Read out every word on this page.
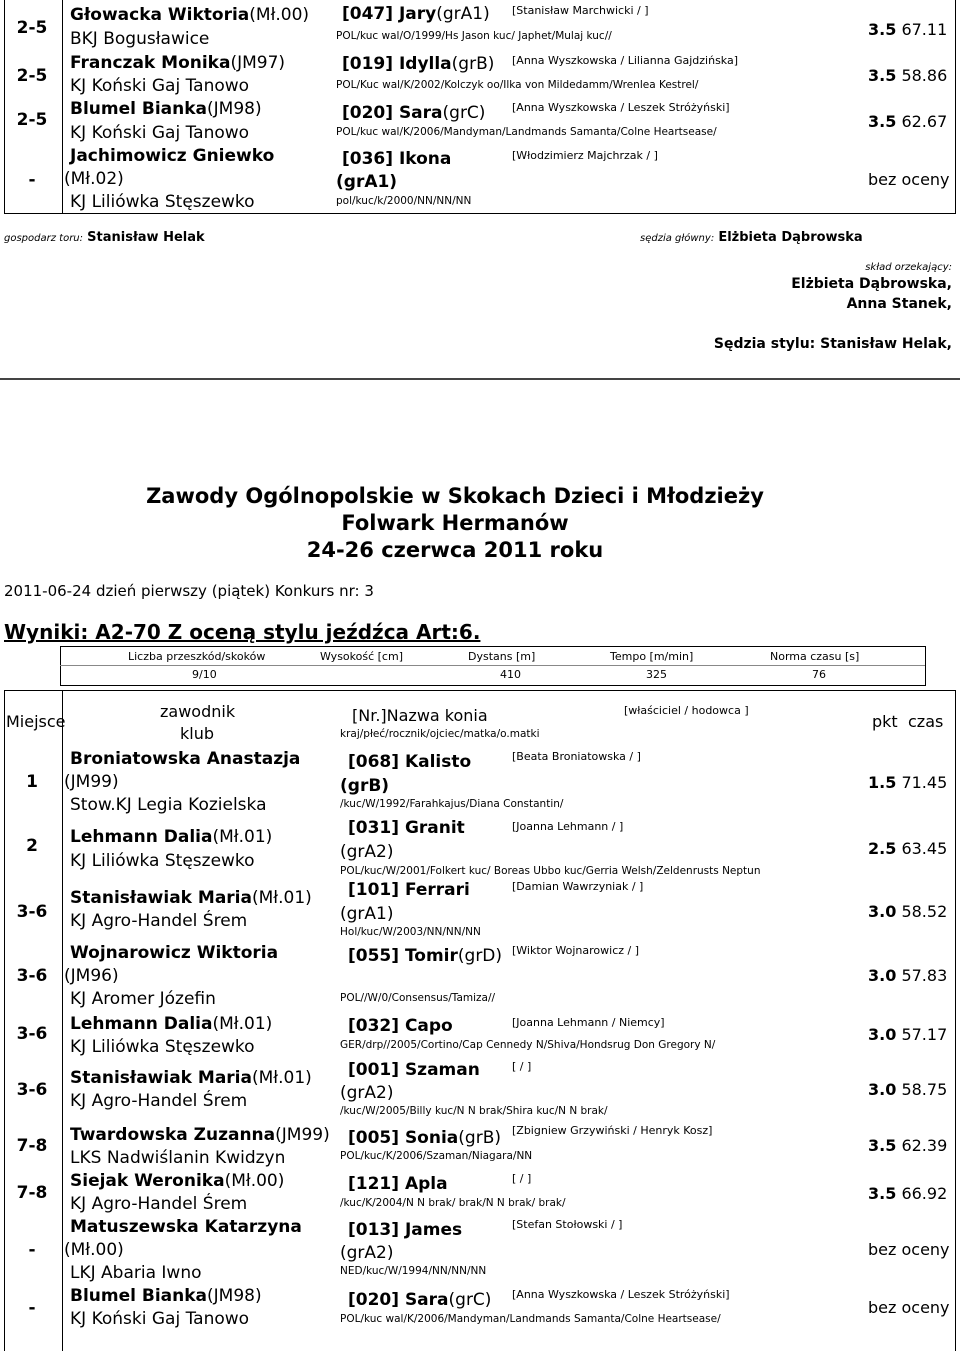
2-5
Głowacka Wiktoria(Mł.00)
BKJ Bogusławice
[047] Jary(grA1) [Stanisław Marchwicki / ]
POL/kuc wal/O/1999/Hs Jason kuc/ Japhet/Mulaj kuc//	3.5 67.11
2-5
Franczak Monika(JM97)
KJ Koński Gaj Tanowo
[019] Idylla(grB) [Anna Wyszkowska / Lilianna Gajdzińska]
POL/Kuc wal/K/2002/Kolczyk oo/Ilka von Mildedamm/Wrenlea Kestrel/	3.5 58.86
2-5
Blumel Bianka(JM98)
KJ Koński Gaj Tanowo
[020] Sara(grC) [Anna Wyszkowska / Leszek Stróżyński]
POL/kuc wal/K/2006/Mandyman/Landmands Samanta/Colne Heartsease/
3.5 62.67
-
Jachimowicz Gniewko
(Mł.02)
KJ Liliówka Stęszewko
[036] Ikona
(grA1)
[Włodzimierz Majchrzak / ]
pol/kuc/k/2000/NN/NN/NN
bez oceny
gospodarz toru: Stanisław Helak	sędzia główny: Elżbieta Dąbrowska
skład orzekający:
Elżbieta Dąbrowska,
Anna Stanek,
Sędzia stylu: Stanisław Helak,
Zawody Ogólnopolskie w Skokach Dzieci i Młodzieży
Folwark Hermanów
24-26 czerwca 2011 roku
2011-06-24 dzień pierwszy (piątek) Konkurs nr: 3
Wyniki: A2-70 Z oceną stylu jeźdźca Art:6.
Liczba przeszkód/skoków	Wysokość [cm]	Dystans [m]	Tempo [m/min]	Norma czasu [s]
9/10	410	325	76
Miejsce
zawodnik
klub
[Nr.]Nazwa konia
kraj/płeć/rocznik/ojciec/matka/o.matki
[właściciel / hodowca ]
pkt czas
1
Broniatowska Anastazja
(JM99)
Stow.KJ Legia Kozielska
[068] Kalisto
(grB)
[Beata Broniatowska / ]
/kuc/W/1992/Farahkajus/Diana Constantin/
1.5 71.45
2	Lehmann Dalia(Mł.01)
KJ Liliówka Stęszewko
[031] Granit
(grA2)
[Joanna Lehmann / ]
POL/kuc/W/2001/Folkert kuc/ Boreas Ubbo kuc/Gerria Welsh/Zeldenrusts Neptun
2.5 63.45
3-6
Stanisławiak Maria(Mł.01)
KJ Agro-Handel Śrem
[101] Ferrari
(grA1)
[Damian Wawrzyniak / ]
Hol/kuc/W/2003/NN/NN/NN
3.0 58.52
3-6
Wojnarowicz Wiktoria
(JM96)
KJ Aromer Józefin
[055] Tomir(grD) [Wiktor Wojnarowicz / ]
POL//W/0/Consensus/Tamiza//
3.0 57.83
3-6	Lehmann Dalia(Mł.01)
KJ Liliówka Stęszewko
[032] Capo	[Joanna Lehmann / Niemcy]
GER/drp//2005/Cortino/Cap Cennedy N/Shiva/Hondsrug Don Gregory N/
3.0 57.17
3-6
Stanisławiak Maria(Mł.01)
KJ Agro-Handel Śrem
[001] Szaman
(grA2)
[ / ]
/kuc/W/2005/Billy kuc/N N brak/Shira kuc/N N brak/
3.0 58.75
7-8
Twardowska Zuzanna(JM99)
LKS Nadwiślanin Kwidzyn
[005] Sonia(grB) [Zbigniew Grzywiński / Henryk Kosz]
POL/kuc/K/2006/Szaman/Niagara/NN
3.5 62.39
7-8
Siejak Weronika(Mł.00)
KJ Agro-Handel Śrem
[121] Apla	[ / ]
/kuc/K/2004/N N brak/ brak/N N brak/ brak/	3.5 66.92
-
Matuszewska Katarzyna
(Mł.00)
LKJ Abaria Iwno
[013] James
(grA2)
[Stefan Stołowski / ]
NED/kuc/W/1994/NN/NN/NN
bez oceny
-
Blumel Bianka(JM98)
KJ Koński Gaj Tanowo
[020] Sara(grC) [Anna Wyszkowska / Leszek Stróżyński]
POL/kuc wal/K/2006/Mandyman/Landmands Samanta/Colne Heartsease/
bez oceny
